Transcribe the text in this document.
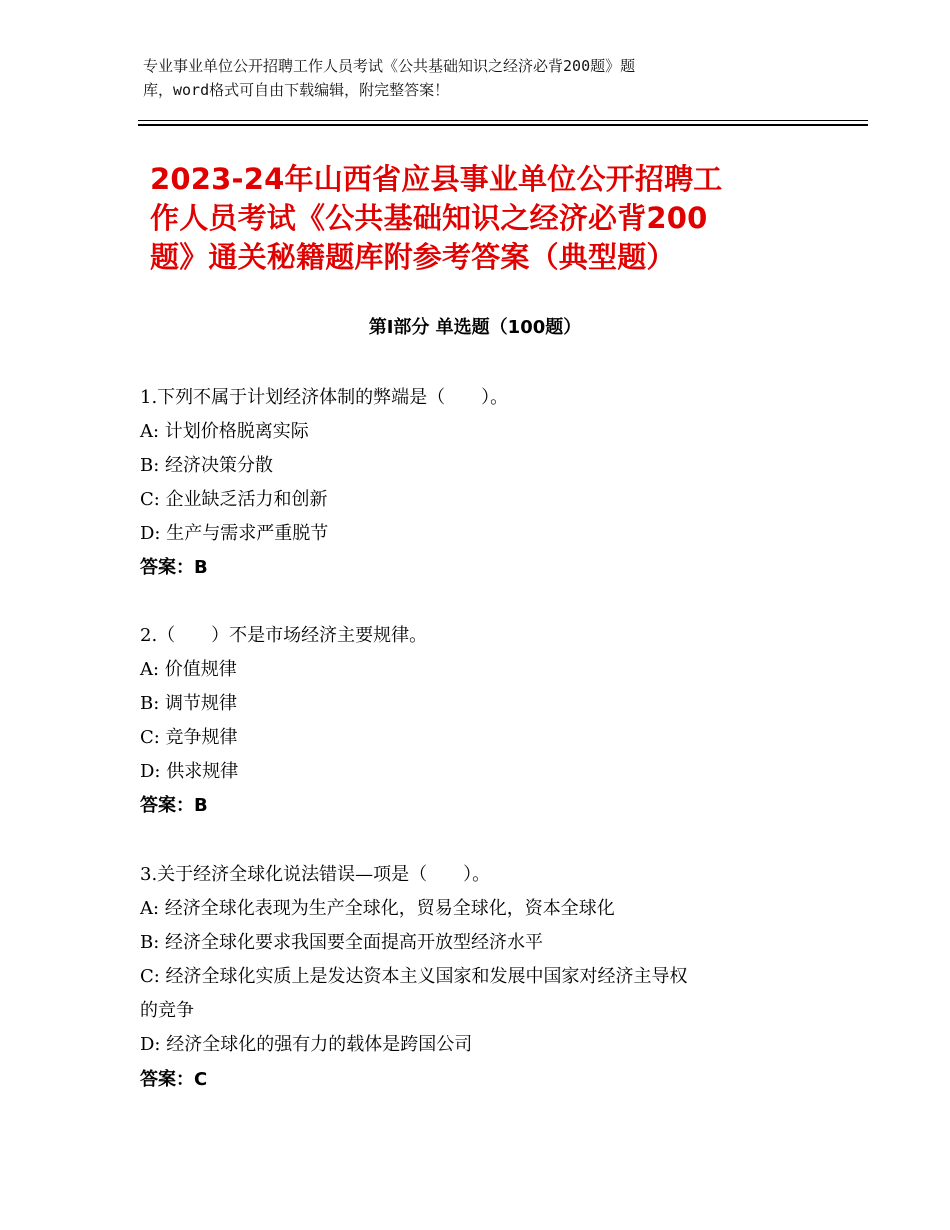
专业事业单位公开招聘工作人员考试《公共基础知识之经济必背200题》题
库，word格式可自由下载编辑，附完整答案！
2023-24年山西省应县事业单位公开招聘工
作人员考试《公共基础知识之经济必背200
题》通关秘籍题库附参考答案（典型题）
第Ⅰ部分 单选题（100题）
1.下列不属于计划经济体制的弊端是（　　）。
A: 计划价格脱离实际
B: 经济决策分散
C: 企业缺乏活力和创新
D: 生产与需求严重脱节
答案：B
2.（　　）不是市场经济主要规律。
A: 价值规律
B: 调节规律
C: 竞争规律
D: 供求规律
答案：B
3.关于经济全球化说法错误—项是（　　）。
A: 经济全球化表现为生产全球化，贸易全球化，资本全球化
B: 经济全球化要求我国要全面提高开放型经济水平
C: 经济全球化实质上是发达资本主义国家和发展中国家对经济主导权
的竞争
D: 经济全球化的强有力的载体是跨国公司
答案：C
